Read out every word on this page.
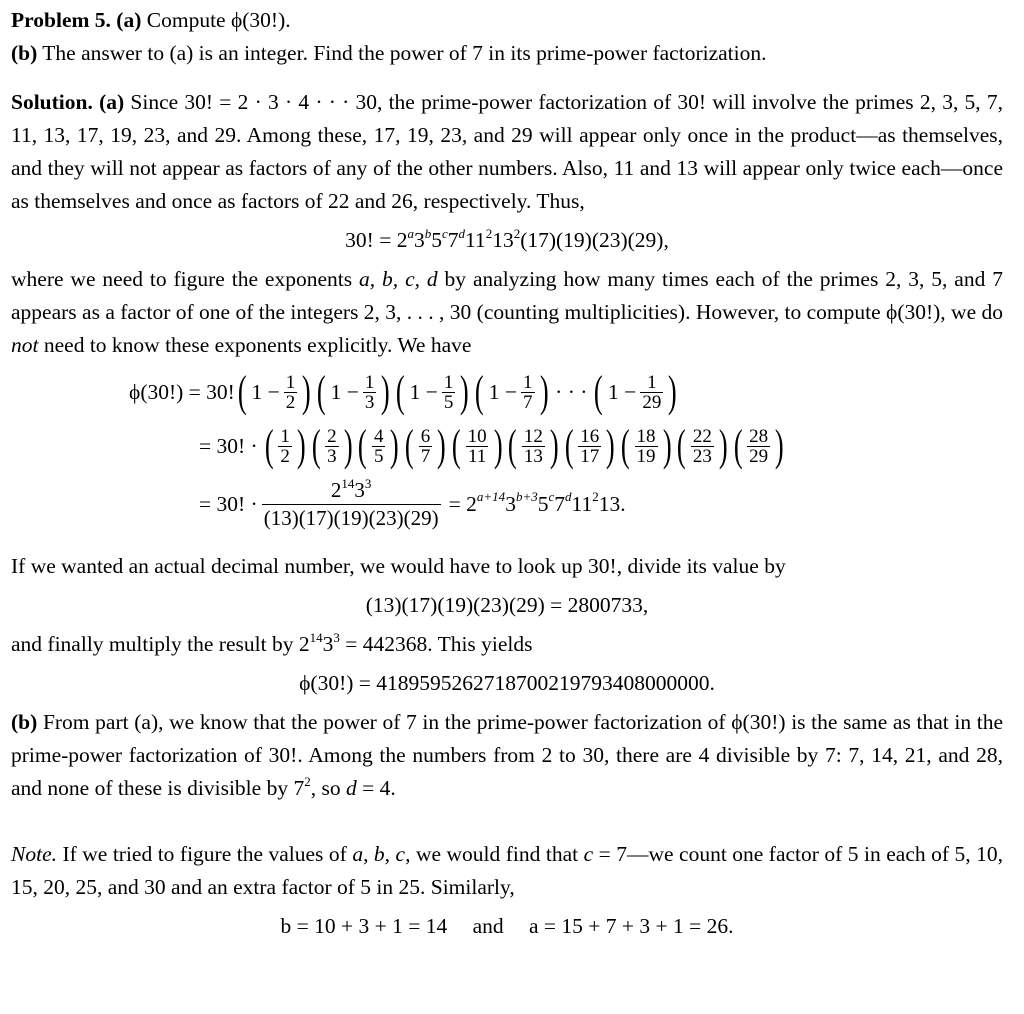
Problem 5. (a) Compute ϕ(30!).

(b) The answer to (a) is an integer. Find the power of 7 in its prime-power factorization.

Solution. (a) Since 30! = 2 · 3 · 4 · · · 30, the prime-power factorization of 30! will involve the primes 2, 3, 5, 7, 11, 13, 17, 19, 23, and 29. Among these, 17, 19, 23, and 29 will appear only once in the product—as themselves, and they will not appear as factors of any of the other numbers. Also, 11 and 13 will appear only twice each—once as themselves and once as factors of 22 and 26, respectively. Thus,

30! = $2^a3^b5^c7^d11^213^2(17)(19)(23)(29)$,

where we need to figure the exponents a, b, c, d by analyzing how many times each of the primes 2, 3, 5, and 7 appears as a factor of one of the integers 2, 3, . . . , 30 (counting multiplicities). However, to compute ϕ(30!), we do not need to know these exponents explicitly. We have

ϕ(30!) = 30! ( $1 - \frac{1}{2}$ ) ( $1 - \frac{1}{3}$ ) ( $1 - \frac{1}{5}$ ) ( $1 - \frac{1}{7}$ ) · · · ( $1 - \frac{1}{29}$ )
= 30! · ( $\frac{1}{2}$ ) ( $\frac{2}{3}$ ) ( $\frac{4}{5}$ ) ( $\frac{6}{7}$ ) ( $\frac{10}{11}$ ) ( $\frac{12}{13}$ ) ( $\frac{16}{17}$ ) ( $\frac{18}{19}$ ) ( $\frac{22}{23}$ ) ( $\frac{28}{29}$ )
= 30! · $\frac{2^{14}3^3}{(13)(17)(19)(23)(29)} = 2^{a+14}3^{b+3}5^c7^d11^213$.

If we wanted an actual decimal number, we would have to look up 30!, divide its value by

(13)(17)(19)(23)(29) = 2800733,

and finally multiply the result by $2^{14}3^3 = 442368$. This yields

ϕ(30!) = 4189595262718700219793408000000.

(b) From part (a), we know that the power of 7 in the prime-power factorization of ϕ(30!) is the same as that in the prime-power factorization of 30!. Among the numbers from 2 to 30, there are 4 divisible by 7: 7, 14, 21, and 28, and none of these is divisible by $7^2$, so d = 4.

Note. If we tried to figure the values of a, b, c, we would find that c = 7—we count one factor of 5 in each of 5, 10, 15, 20, 25, and 30 and an extra factor of 5 in 25. Similarly,

b = 10 + 3 + 1 = 14 and a = 15 + 7 + 3 + 1 = 26.
